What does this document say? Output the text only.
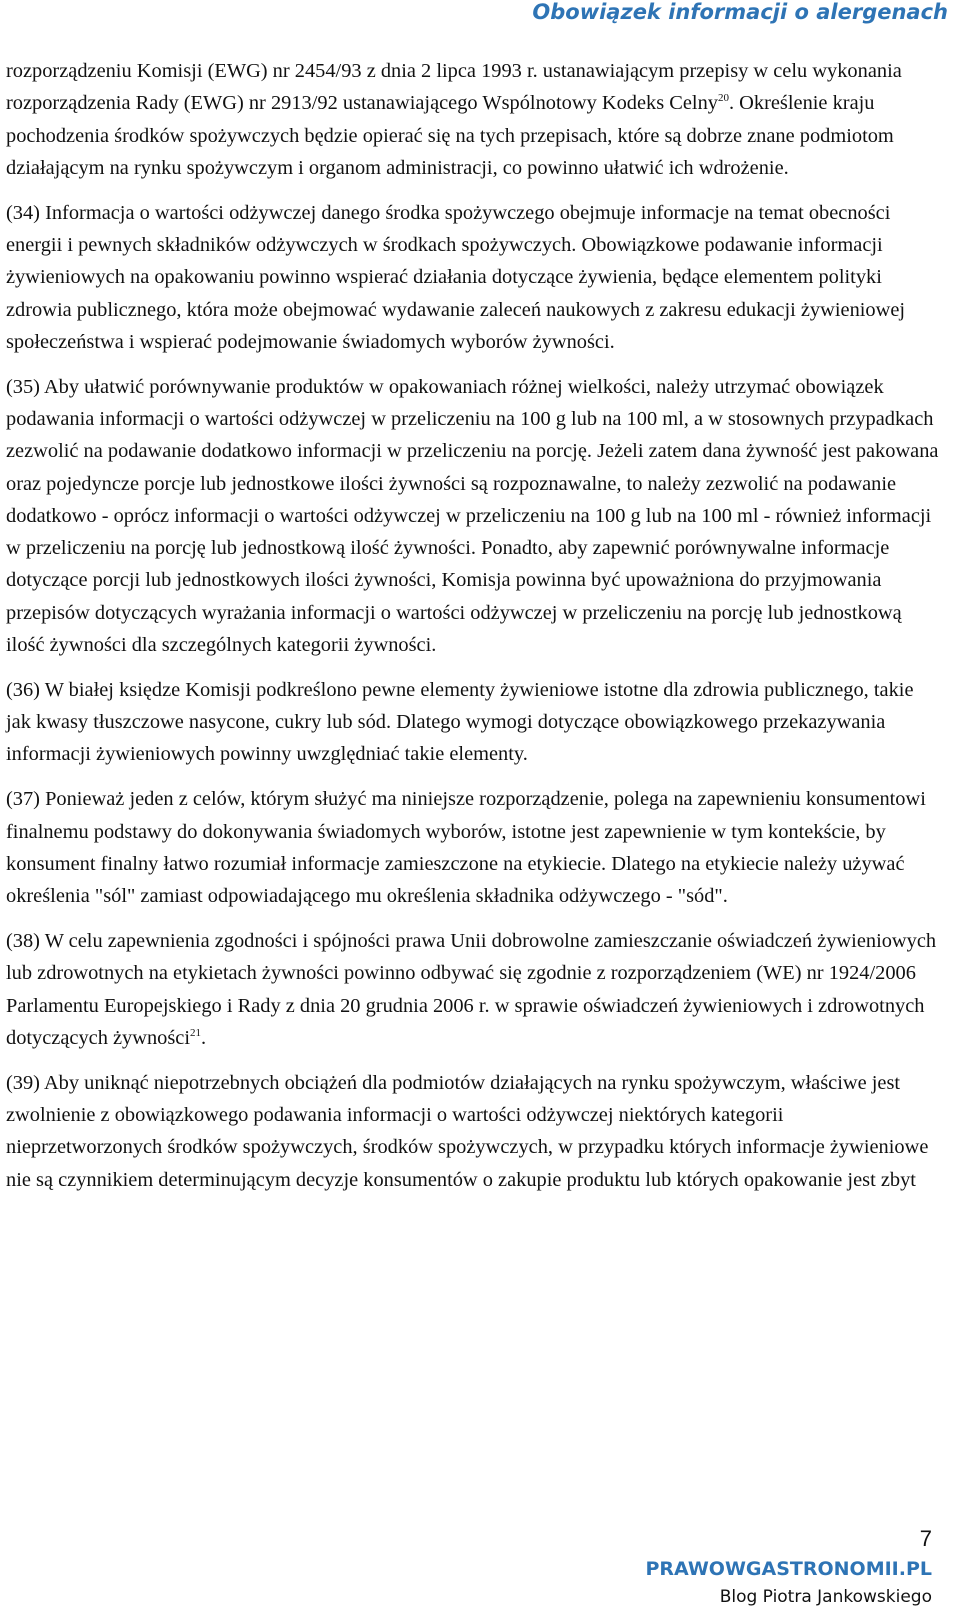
Obowiązek informacji o alergenach

rozporządzeniu Komisji (EWG) nr 2454/93 z dnia 2 lipca 1993 r. ustanawiającym przepisy w celu wykonania rozporządzenia Rady (EWG) nr 2913/92 ustanawiającego Wspólnotowy Kodeks Celny$^{20}$. Określenie kraju pochodzenia środków spożywczych będzie opierać się na tych przepisach, które są dobrze znane podmiotom działającym na rynku spożywczym i organom administracji, co powinno ułatwić ich wdrożenie.

(34) Informacja o wartości odżywczej danego środka spożywczego obejmuje informacje na temat obecności energii i pewnych składników odżywczych w środkach spożywczych. Obowiązkowe podawanie informacji żywieniowych na opakowaniu powinno wspierać działania dotyczące żywienia, będące elementem polityki zdrowia publicznego, która może obejmować wydawanie zaleceń naukowych z zakresu edukacji żywieniowej społeczeństwa i wspierać podejmowanie świadomych wyborów żywności.

(35) Aby ułatwić porównywanie produktów w opakowaniach różnej wielkości, należy utrzymać obowiązek podawania informacji o wartości odżywczej w przeliczeniu na 100 g lub na 100 ml, a w stosownych przypadkach zezwolić na podawanie dodatkowo informacji w przeliczeniu na porcję. Jeżeli zatem dana żywność jest pakowana oraz pojedyncze porcje lub jednostkowe ilości żywności są rozpoznawalne, to należy zezwolić na podawanie dodatkowo - oprócz informacji o wartości odżywczej w przeliczeniu na 100 g lub na 100 ml - również informacji w przeliczeniu na porcję lub jednostkową ilość żywności. Ponadto, aby zapewnić porównywalne informacje dotyczące porcji lub jednostkowych ilości żywności, Komisja powinna być upoważniona do przyjmowania przepisów dotyczących wyrażania informacji o wartości odżywczej w przeliczeniu na porcję lub jednostkową ilość żywności dla szczególnych kategorii żywności.

(36) W białej księdze Komisji podkreślono pewne elementy żywieniowe istotne dla zdrowia publicznego, takie jak kwasy tłuszczowe nasycone, cukry lub sód. Dlatego wymogi dotyczące obowiązkowego przekazywania informacji żywieniowych powinny uwzględniać takie elementy.

(37) Ponieważ jeden z celów, którym służyć ma niniejsze rozporządzenie, polega na zapewnieniu konsumentowi finalnemu podstawy do dokonywania świadomych wyborów, istotne jest zapewnienie w tym kontekście, by konsument finalny łatwo rozumiał informacje zamieszczone na etykiecie. Dlatego na etykiecie należy używać określenia "sól" zamiast odpowiadającego mu określenia składnika odżywczego - "sód".

(38) W celu zapewnienia zgodności i spójności prawa Unii dobrowolne zamieszczanie oświadczeń żywieniowych lub zdrowotnych na etykietach żywności powinno odbywać się zgodnie z rozporządzeniem (WE) nr 1924/2006 Parlamentu Europejskiego i Rady z dnia 20 grudnia 2006 r. w sprawie oświadczeń żywieniowych i zdrowotnych dotyczących żywności$^{21}$.

(39) Aby uniknąć niepotrzebnych obciążeń dla podmiotów działających na rynku spożywczym, właściwe jest zwolnienie z obowiązkowego podawania informacji o wartości odżywczej niektórych kategorii nieprzetworzonych środków spożywczych, środków spożywczych, w przypadku których informacje żywieniowe nie są czynnikiem determinującym decyzje konsumentów o zakupie produktu lub których opakowanie jest zbyt

7
PRAWOWGASTRONOMII.PL
Blog Piotra Jankowskiego
